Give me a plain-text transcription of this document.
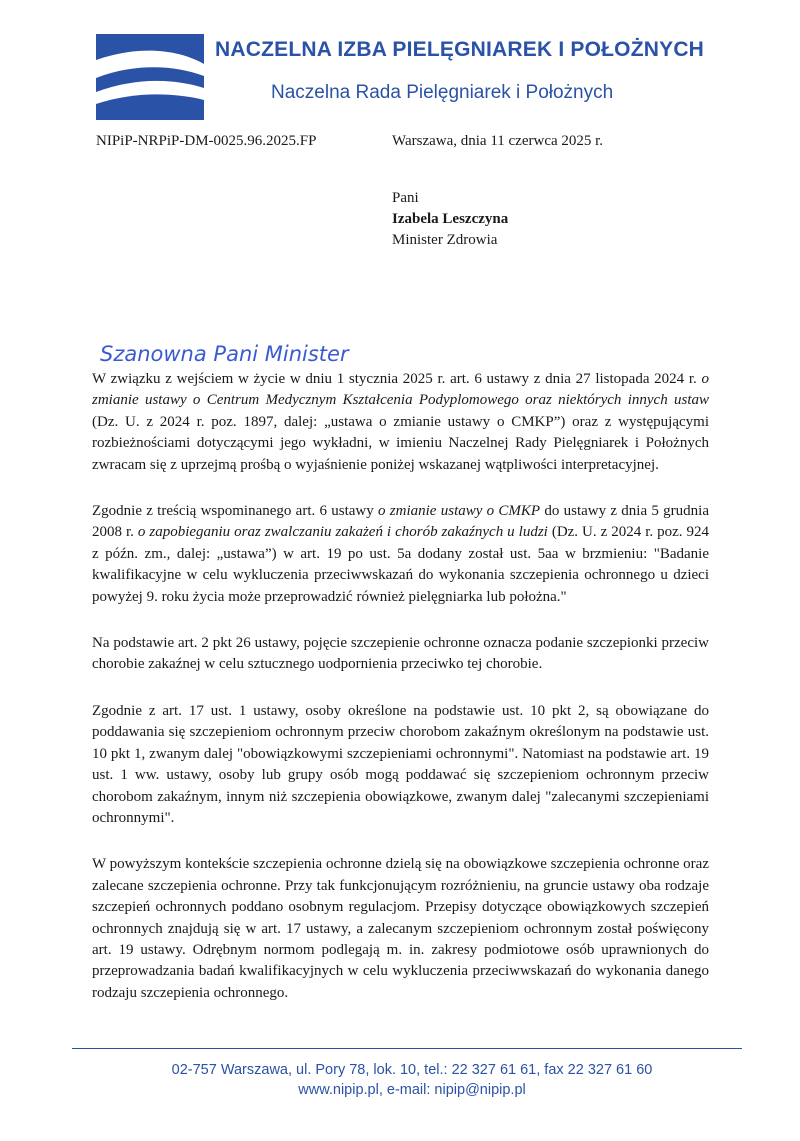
NACZELNA IZBA PIELĘGNIAREK I POŁOŻNYCH
Naczelna Rada Pielęgniarek i Położnych
NIPiP-NRPiP-DM-0025.96.2025.FP	Warszawa, dnia 11 czerwca 2025 r.
Pani
Izabela Leszczyna
Minister Zdrowia
Szanowna Pani Minister

W związku z wejściem w życie w dniu 1 stycznia 2025 r. art. 6 ustawy z dnia 27 listopada 2024 r. o zmianie ustawy o Centrum Medycznym Kształcenia Podyplomowego oraz niektórych innych ustaw (Dz. U. z 2024 r. poz. 1897, dalej: „ustawa o zmianie ustawy o CMKP”) oraz z występującymi rozbieżnościami dotyczącymi jego wykładni, w imieniu Naczelnej Rady Pielęgniarek i Położnych zwracam się z uprzejmą prośbą o wyjaśnienie poniżej wskazanej wątpliwości interpretacyjnej.

Zgodnie z treścią wspominanego art. 6 ustawy o zmianie ustawy o CMKP do ustawy z dnia 5 grudnia 2008 r. o zapobieganiu oraz zwalczaniu zakażeń i chorób zakaźnych u ludzi (Dz. U. z 2024 r. poz. 924 z późn. zm., dalej: „ustawa”) w art. 19 po ust. 5a dodany został ust. 5aa w brzmieniu: "Badanie kwalifikacyjne w celu wykluczenia przeciwwskazań do wykonania szczepienia ochronnego u dzieci powyżej 9. roku życia może przeprowadzić również pielęgniarka lub położna."

Na podstawie art. 2 pkt 26 ustawy, pojęcie szczepienie ochronne oznacza podanie szczepionki przeciw chorobie zakaźnej w celu sztucznego uodpornienia przeciwko tej chorobie.

Zgodnie z art. 17 ust. 1 ustawy, osoby określone na podstawie ust. 10 pkt 2, są obowiązane do poddawania się szczepieniom ochronnym przeciw chorobom zakaźnym określonym na podstawie ust. 10 pkt 1, zwanym dalej "obowiązkowymi szczepieniami ochronnymi". Natomiast na podstawie art. 19 ust. 1 ww. ustawy, osoby lub grupy osób mogą poddawać się szczepieniom ochronnym przeciw chorobom zakaźnym, innym niż szczepienia obowiązkowe, zwanym dalej "zalecanymi szczepieniami ochronnymi".

W powyższym kontekście szczepienia ochronne dzielą się na obowiązkowe szczepienia ochronne oraz zalecane szczepienia ochronne. Przy tak funkcjonującym rozróżnieniu, na gruncie ustawy oba rodzaje szczepień ochronnych poddano osobnym regulacjom. Przepisy dotyczące obowiązkowych szczepień ochronnych znajdują się w art. 17 ustawy, a zalecanym szczepieniom ochronnym został poświęcony art. 19 ustawy. Odrębnym normom podlegają m. in. zakresy podmiotowe osób uprawnionych do przeprowadzania badań kwalifikacyjnych w celu wykluczenia przeciwwskazań do wykonania danego rodzaju szczepienia ochronnego.

02-757 Warszawa, ul. Pory 78, lok. 10, tel.: 22 327 61 61, fax 22 327 61 60
www.nipip.pl, e-mail: nipip@nipip.pl
